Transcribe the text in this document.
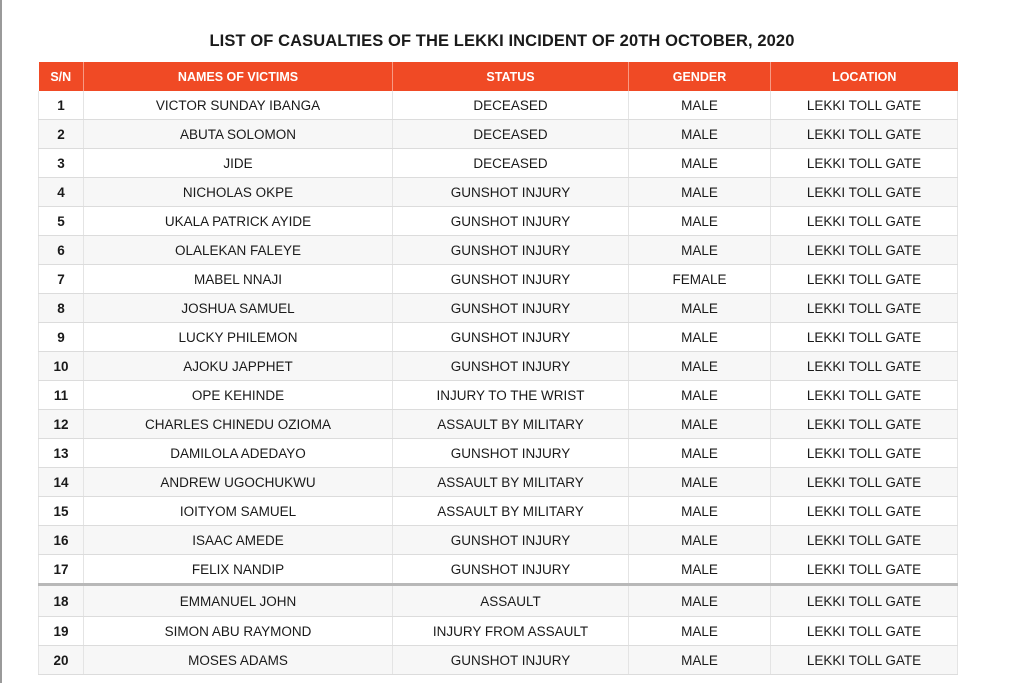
LIST OF CASUALTIES OF THE LEKKI INCIDENT OF 20TH OCTOBER, 2020
S/N	NAMES OF VICTIMS	STATUS	GENDER	LOCATION
1	VICTOR SUNDAY IBANGA	DECEASED	MALE	LEKKI TOLL GATE
2	ABUTA SOLOMON	DECEASED	MALE	LEKKI TOLL GATE
3	JIDE	DECEASED	MALE	LEKKI TOLL GATE
4	NICHOLAS OKPE	GUNSHOT INJURY	MALE	LEKKI TOLL GATE
5	UKALA PATRICK AYIDE	GUNSHOT INJURY	MALE	LEKKI TOLL GATE
6	OLALEKAN FALEYE	GUNSHOT INJURY	MALE	LEKKI TOLL GATE
7	MABEL NNAJI	GUNSHOT INJURY	FEMALE	LEKKI TOLL GATE
8	JOSHUA SAMUEL	GUNSHOT INJURY	MALE	LEKKI TOLL GATE
9	LUCKY PHILEMON	GUNSHOT INJURY	MALE	LEKKI TOLL GATE
10	AJOKU JAPPHET	GUNSHOT INJURY	MALE	LEKKI TOLL GATE
11	OPE KEHINDE	INJURY TO THE WRIST	MALE	LEKKI TOLL GATE
12	CHARLES CHINEDU OZIOMA	ASSAULT BY MILITARY	MALE	LEKKI TOLL GATE
13	DAMILOLA ADEDAYO	GUNSHOT INJURY	MALE	LEKKI TOLL GATE
14	ANDREW UGOCHUKWU	ASSAULT BY MILITARY	MALE	LEKKI TOLL GATE
15	IOITYOM SAMUEL	ASSAULT BY MILITARY	MALE	LEKKI TOLL GATE
16	ISAAC AMEDE	GUNSHOT INJURY	MALE	LEKKI TOLL GATE
17	FELIX NANDIP	GUNSHOT INJURY	MALE	LEKKI TOLL GATE
18	EMMANUEL JOHN	ASSAULT	MALE	LEKKI TOLL GATE
19	SIMON ABU RAYMOND	INJURY FROM ASSAULT	MALE	LEKKI TOLL GATE
20	MOSES ADAMS	GUNSHOT INJURY	MALE	LEKKI TOLL GATE
